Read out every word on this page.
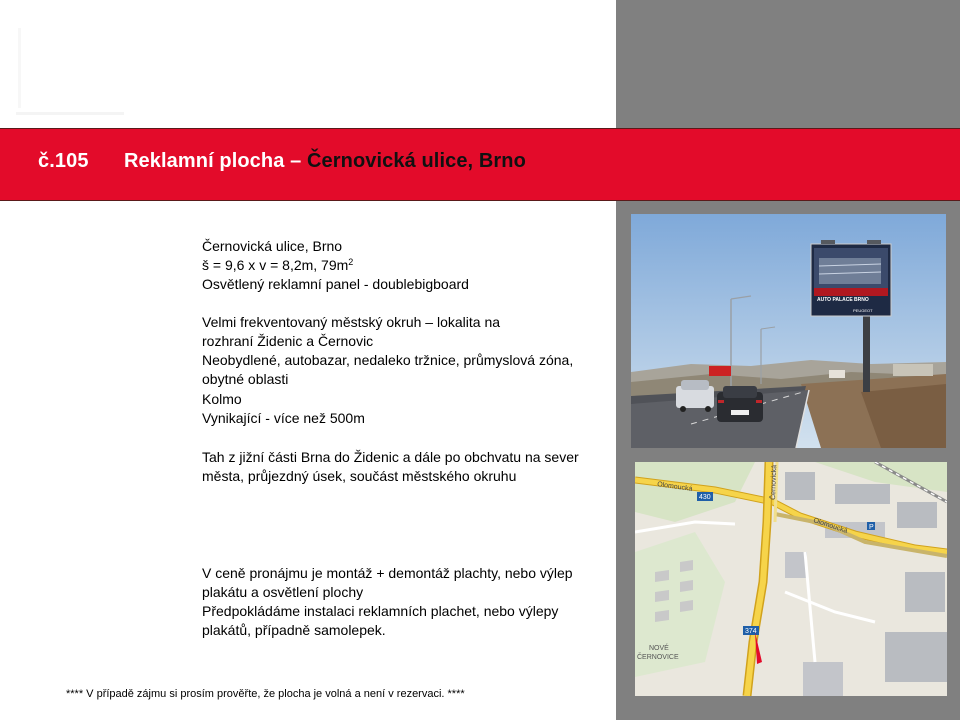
č.105 Reklamní plocha – Černovická ulice, Brno
Černovická ulice, Brno
š = 9,6 x v = 8,2m, $79m^2$
Osvětlený reklamní panel - doublebigboard
Velmi frekventovaný městský okruh – lokalita na rozhraní Židenic a Černovic
Neobydlené, autobazar, nedaleko tržnice, průmyslová zóna, obytné oblasti
Kolmo
Vynikající - více než 500m
Tah z jižní části Brna do Židenic a dále po obchvatu na sever města, průjezdný úsek, součást městského okruhu
V ceně pronájmu je montáž + demontáž plachty, nebo výlep plakátu a osvětlení plochy
Předpokládáme instalaci reklamních plachet, nebo výlepy plakátů, případně samolepek.
**** V případě zájmu si prosím prověřte, že plocha je volná a není v rezervaci. ****
AUTO PALACE BRNO
PEUGEOT
Olomoucká
430
Olomoucká
Černovická
NOVÉ
ČERNOVICE
374
P
